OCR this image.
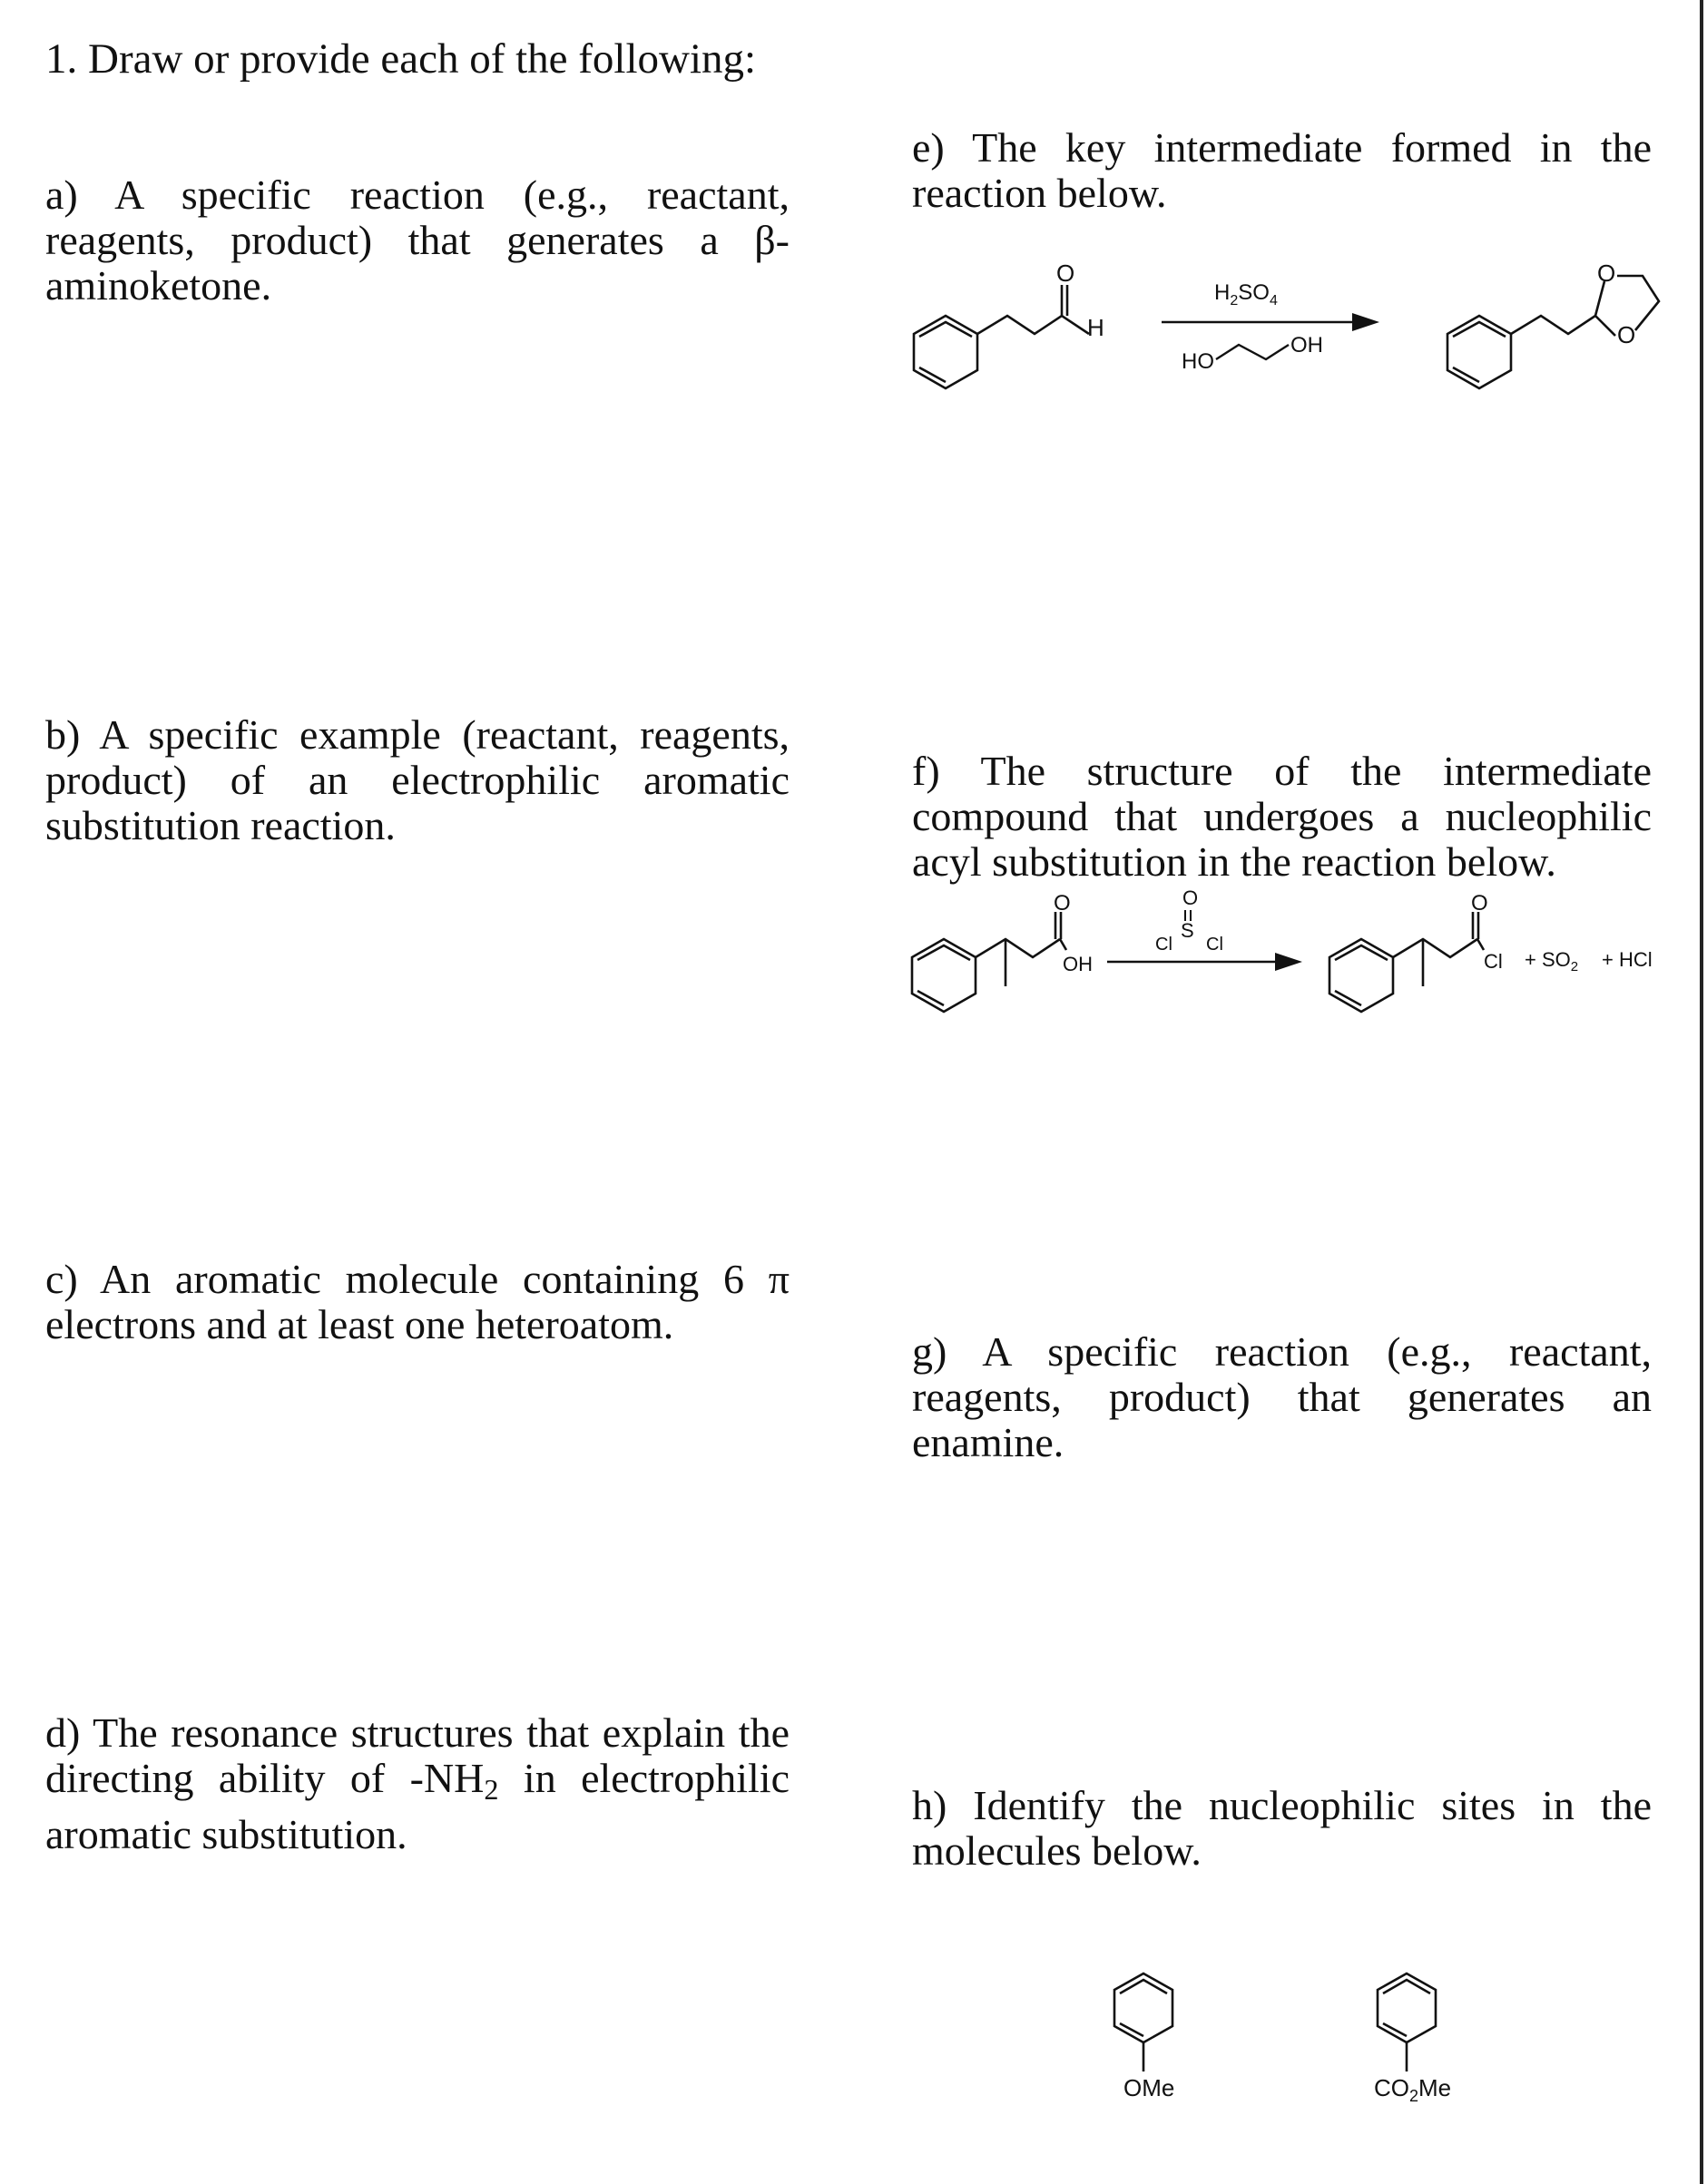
1. Draw or provide each of the following:

a) A specific reaction (e.g., reactant, reagents, product) that generates a β-aminoketone.

b) A specific example (reactant, reagents, product) of an electrophilic aromatic substitution reaction.

c) An aromatic molecule containing 6 π electrons and at least one heteroatom.

d) The resonance structures that explain the directing ability of $-NH_2$ in electrophilic aromatic substitution.

e) The key intermediate formed in the reaction below.

f) The structure of the intermediate compound that undergoes a nucleophilic acyl substitution in the reaction below.

g) A specific reaction (e.g., reactant, reagents, product) that generates an enamine.

h) Identify the nucleophilic sites in the molecules below.

O
H
$H_2SO_4$
HO
OH
O
O
O
OH
O
S
Cl Cl
O
$Cl + SO_2$ + HCl
OMe	$CO_2Me$
